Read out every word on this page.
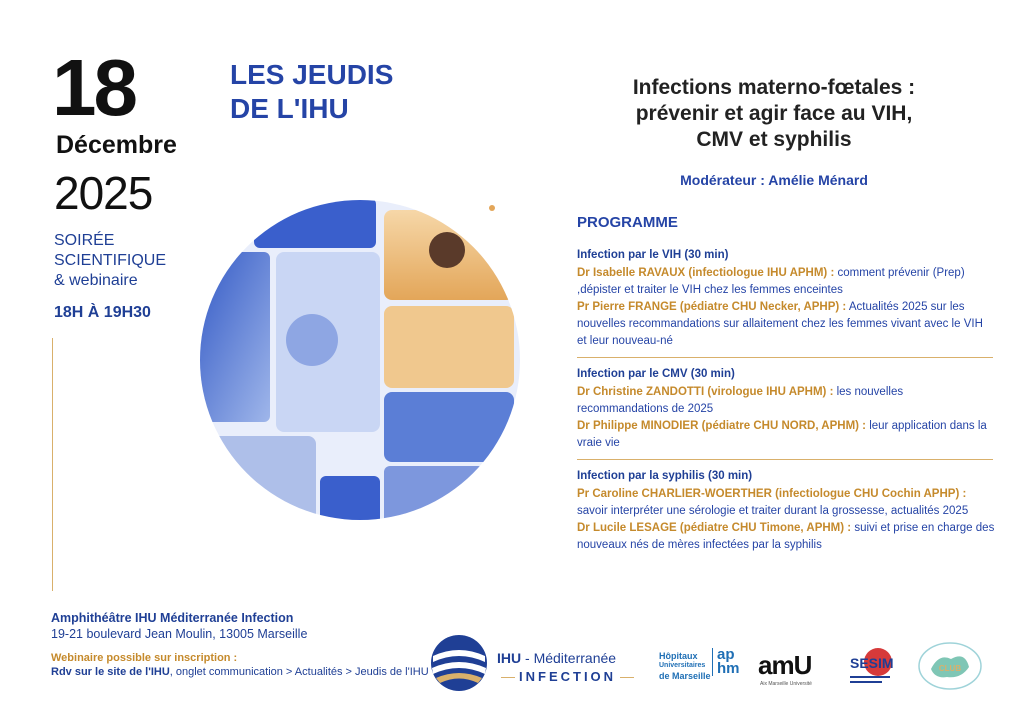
18
Décembre
2025
SOIRÉE
SCIENTIFIQUE
& webinaire
18H À 19H30
LES JEUDIS
DE L'IHU
Infections materno-fœtales :
prévenir et agir face au VIH,
CMV et syphilis
Modérateur : Amélie Ménard
PROGRAMME

Infection par le VIH (30 min)

Dr Isabelle RAVAUX (infectiologue IHU APHM) : comment prévenir (Prep) ,dépister et traiter le VIH chez les femmes enceintes

Pr Pierre FRANGE (pédiatre CHU Necker, APHP) : Actualités 2025 sur les nouvelles recommandations sur allaitement chez les femmes vivant avec le VIH et leur nouveau-né

Infection par le CMV (30 min)

Dr Christine ZANDOTTI (virologue IHU APHM) : les nouvelles recommandations de 2025

Dr Philippe MINODIER (pédiatre CHU NORD, APHM) : leur application dans la vraie vie

Infection par la syphilis (30 min)

Pr Caroline CHARLIER-WOERTHER (infectiologue CHU Cochin APHP) : savoir interpréter une sérologie et traiter durant la grossesse, actualités 2025

Dr Lucile LESAGE (pédiatre CHU Timone, APHM) : suivi et prise en charge des nouveaux nés de mères infectées par la syphilis

Amphithéâtre IHU Méditerranée Infection
19-21 boulevard Jean Moulin, 13005 Marseille
Webinaire possible sur inscription :
Rdv sur le site de l'IHU, onglet communication > Actualités > Jeudis de l'IHU
IHU - Méditerranée
INFECTION
Hôpitaux
Universitaires
de Marseille
ap
hm amU
Aix Marseille Université
SESIM	CLUB
